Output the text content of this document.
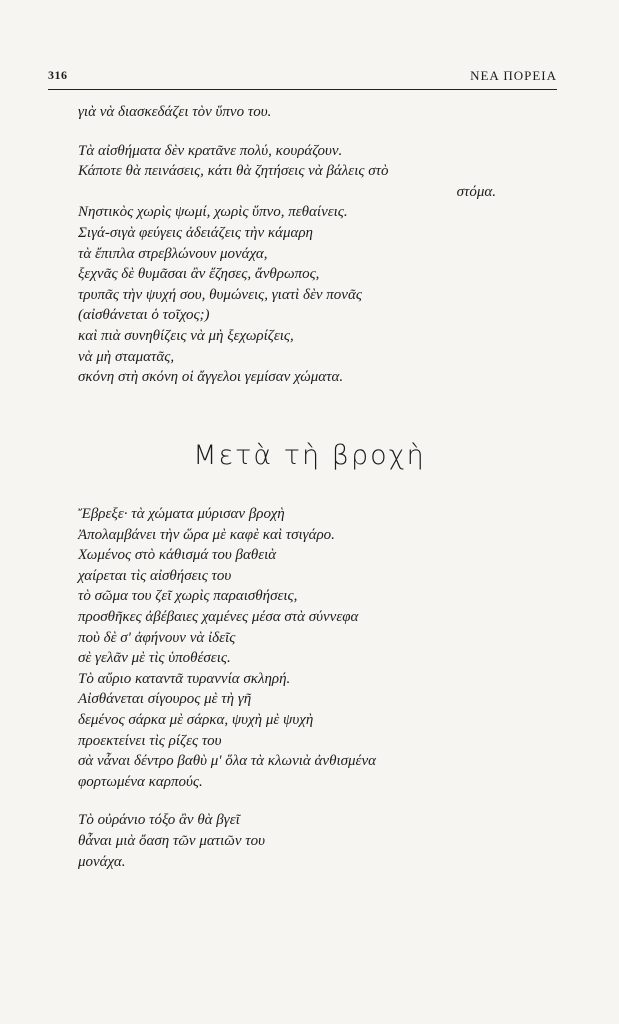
316	ΝΕΑ ΠΟΡΕΙΑ
γιὰ νὰ διασκεδάζει τὸν ὕπνο του.
Τὰ αἰσθήματα δὲν κρατᾶνε πολύ, κουράζουν.
Κάποτε θὰ πεινάσεις, κάτι θὰ ζητήσεις νὰ βάλεις στὸ
στόμα.
Νηστικὸς χωρὶς ψωμί, χωρὶς ὕπνο, πεθαίνεις.
Σιγά-σιγὰ φεύγεις ἀδειάζεις τὴν κάμαρη
τὰ ἔπιπλα στρεβλώνουν μονάχα,
ξεχνᾶς δὲ θυμᾶσαι ἂν ἔζησες, ἄνθρωπος,
τρυπᾶς τὴν ψυχή σου, θυμώνεις, γιατὶ δὲν πονᾶς
(αἰσθάνεται ὁ τοῖχος;)
καὶ πιὰ συνηθίζεις νὰ μὴ ξεχωρίζεις,
νὰ μὴ σταματᾶς,
σκόνη στὴ σκόνη οἱ ἄγγελοι γεμίσαν χώματα.
Μετὰ τὴ βροχὴ
Ἔβρεξε· τὰ χώματα μύρισαν βροχὴ
Ἀπολαμβάνει τὴν ὥρα μὲ καφὲ καὶ τσιγάρο.
Χωμένος στὸ κάθισμά του βαθειὰ
χαίρεται τὶς αἰσθήσεις του
τὸ σῶμα του ζεῖ χωρὶς παραισθήσεις,
προσθῆκες ἀβέβαιες χαμένες μέσα στὰ σύννεφα
ποὺ δὲ σ' ἀφήνουν νὰ ἰδεῖς
σὲ γελᾶν μὲ τὶς ὑποθέσεις.
Τὸ αὔριο καταντᾶ τυραννία σκληρή.
Αἰσθάνεται σίγουρος μὲ τὴ γῆ
δεμένος σάρκα μὲ σάρκα, ψυχὴ μὲ ψυχὴ
προεκτείνει τὶς ρίζες του
σὰ νἆναι δέντρο βαθὺ μ' ὅλα τὰ κλωνιὰ ἀνθισμένα
φορτωμένα καρπούς.
Τὸ οὐράνιο τόξο ἂν θὰ βγεῖ
θἆναι μιὰ ὄαση τῶν ματιῶν του
μονάχα.
